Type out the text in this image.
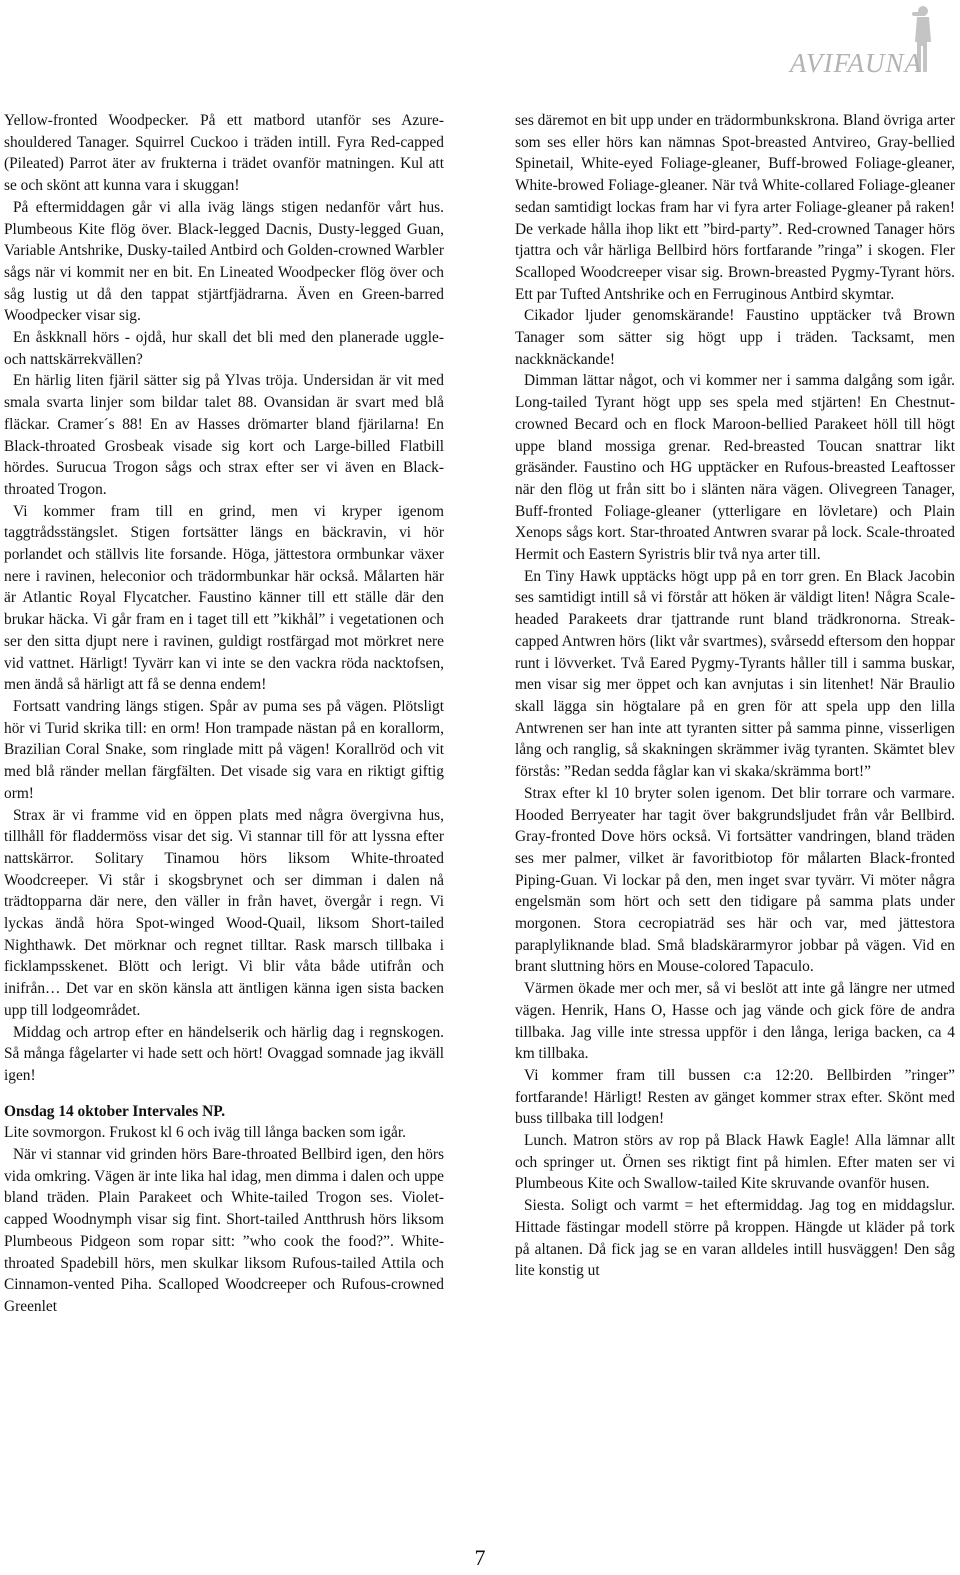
AVIFAUNA

Yellow-fronted Woodpecker. På ett matbord utanför ses Azure-shouldered Tanager. Squirrel Cuckoo i träden intill. Fyra Red-capped (Pileated) Parrot äter av frukterna i trädet ovanför matningen. Kul att se och skönt att kunna vara i skuggan!

På eftermiddagen går vi alla iväg längs stigen nedanför vårt hus. Plumbeous Kite flög över. Black-legged Dacnis, Dusty-legged Guan, Variable Antshrike, Dusky-tailed Antbird och Golden-crowned Warbler sågs när vi kommit ner en bit. En Lineated Woodpecker flög över och såg lustig ut då den tappat stjärtfjädrarna. Även en Green-barred Woodpecker visar sig.

En åskknall hörs - ojdå, hur skall det bli med den planerade uggle- och nattskärrekvällen?

En härlig liten fjäril sätter sig på Ylvas tröja. Undersidan är vit med smala svarta linjer som bildar talet 88. Ovansidan är svart med blå fläckar. Cramer´s 88! En av Hasses drömarter bland fjärilarna! En Black-throated Grosbeak visade sig kort och Large-billed Flatbill hördes. Surucua Trogon sågs och strax efter ser vi även en Black-throated Trogon.

Vi kommer fram till en grind, men vi kryper igenom taggtrådsstängslet. Stigen fortsätter längs en bäckravin, vi hör porlandet och ställvis lite forsande. Höga, jättestora ormbunkar växer nere i ravinen, heleconior och trädormbunkar här också. Målarten här är Atlantic Royal Flycatcher. Faustino känner till ett ställe där den brukar häcka. Vi går fram en i taget till ett ”kikhål” i vegetationen och ser den sitta djupt nere i ravinen, guldigt rostfärgad mot mörkret nere vid vattnet. Härligt! Tyvärr kan vi inte se den vackra röda nacktofsen, men ändå så härligt att få se denna endem!

Fortsatt vandring längs stigen. Spår av puma ses på vägen. Plötsligt hör vi Turid skrika till: en orm! Hon trampade nästan på en korallorm, Brazilian Coral Snake, som ringlade mitt på vägen! Korallröd och vit med blå ränder mellan färgfälten. Det visade sig vara en riktigt giftig orm!

Strax är vi framme vid en öppen plats med några övergivna hus, tillhåll för fladdermöss visar det sig. Vi stannar till för att lyssna efter nattskärror. Solitary Tinamou hörs liksom White-throated Woodcreeper. Vi står i skogsbrynet och ser dimman i dalen nå trädtopparna där nere, den väller in från havet, övergår i regn. Vi lyckas ändå höra Spot-winged Wood-Quail, liksom Short-tailed Nighthawk. Det mörknar och regnet tilltar. Rask marsch tillbaka i ficklampsskenet. Blött och lerigt. Vi blir våta både utifrån och inifrån… Det var en skön känsla att äntligen känna igen sista backen upp till lodgeområdet.

Middag och artrop efter en händelserik och härlig dag i regnskogen. Så många fågelarter vi hade sett och hört! Ovaggad somnade jag ikväll igen!

Onsdag 14 oktober Intervales NP.

Lite sovmorgon. Frukost kl 6 och iväg till långa backen som igår.

När vi stannar vid grinden hörs Bare-throated Bellbird igen, den hörs vida omkring. Vägen är inte lika hal idag, men dimma i dalen och uppe bland träden. Plain Parakeet och White-tailed Trogon ses. Violet-capped Woodnymph visar sig fint. Short-tailed Antthrush hörs liksom Plumbeous Pidgeon som ropar sitt: ”who cook the food?”. White-throated Spadebill hörs, men skulkar liksom Rufous-tailed Attila och Cinnamon-vented Piha. Scalloped Woodcreeper och Rufous-crowned Greenlet

ses däremot en bit upp under en trädormbunkskrona. Bland övriga arter som ses eller hörs kan nämnas Spot-breasted Antvireo, Gray-bellied Spinetail, White-eyed Foliage-gleaner, Buff-browed Foliage-gleaner, White-browed Foliage-gleaner. När två White-collared Foliage-gleaner sedan samtidigt lockas fram har vi fyra arter Foliage-gleaner på raken! De verkade hålla ihop likt ett ”bird-party”. Red-crowned Tanager hörs tjattra och vår härliga Bellbird hörs fortfarande ”ringa” i skogen. Fler Scalloped Woodcreeper visar sig. Brown-breasted Pygmy-Tyrant hörs. Ett par Tufted Antshrike och en Ferruginous Antbird skymtar.

Cikador ljuder genomskärande! Faustino upptäcker två Brown Tanager som sätter sig högt upp i träden. Tacksamt, men nackknäckande!

Dimman lättar något, och vi kommer ner i samma dalgång som igår. Long-tailed Tyrant högt upp ses spela med stjärten! En Chestnut-crowned Becard och en flock Maroon-bellied Parakeet höll till högt uppe bland mossiga grenar. Red-breasted Toucan snattrar likt gräsänder. Faustino och HG upptäcker en Rufous-breasted Leaftosser när den flög ut från sitt bo i slänten nära vägen. Olivegreen Tanager, Buff-fronted Foliage-gleaner (ytterligare en lövletare) och Plain Xenops sågs kort. Star-throated Antwren svarar på lock. Scale-throated Hermit och Eastern Syristris blir två nya arter till.

En Tiny Hawk upptäcks högt upp på en torr gren. En Black Jacobin ses samtidigt intill så vi förstår att höken är väldigt liten! Några Scale-headed Parakeets drar tjattrande runt bland trädkronorna. Streak-capped Antwren hörs (likt vår svartmes), svårsedd eftersom den hoppar runt i lövverket. Två Eared Pygmy-Tyrants håller till i samma buskar, men visar sig mer öppet och kan avnjutas i sin litenhet! När Braulio skall lägga sin högtalare på en gren för att spela upp den lilla Antwrenen ser han inte att tyranten sitter på samma pinne, visserligen lång och ranglig, så skakningen skrämmer iväg tyranten. Skämtet blev förstås: ”Redan sedda fåglar kan vi skaka/skrämma bort!”

Strax efter kl 10 bryter solen igenom. Det blir torrare och varmare. Hooded Berryeater har tagit över bakgrundsljudet från vår Bellbird. Gray-fronted Dove hörs också. Vi fortsätter vandringen, bland träden ses mer palmer, vilket är favoritbiotop för målarten Black-fronted Piping-Guan. Vi lockar på den, men inget svar tyvärr. Vi möter några engelsmän som hört och sett den tidigare på samma plats under morgonen. Stora cecropiaträd ses här och var, med jättestora paraplyliknande blad. Små bladskärarmyror jobbar på vägen. Vid en brant sluttning hörs en Mouse-colored Tapaculo.

Värmen ökade mer och mer, så vi beslöt att inte gå längre ner utmed vägen. Henrik, Hans O, Hasse och jag vände och gick före de andra tillbaka. Jag ville inte stressa uppför i den långa, leriga backen, ca 4 km tillbaka.

Vi kommer fram till bussen c:a 12:20. Bellbirden ”ringer” fortfarande! Härligt! Resten av gänget kommer strax efter. Skönt med buss tillbaka till lodgen!

Lunch. Matron störs av rop på Black Hawk Eagle! Alla lämnar allt och springer ut. Örnen ses riktigt fint på himlen. Efter maten ser vi Plumbeous Kite och Swallow-tailed Kite skruvande ovanför husen.

Siesta. Soligt och varmt = het eftermiddag. Jag tog en middagslur. Hittade fästingar modell större på kroppen. Hängde ut kläder på tork på altanen. Då fick jag se en varan alldeles intill husväggen! Den såg lite konstig ut

7
